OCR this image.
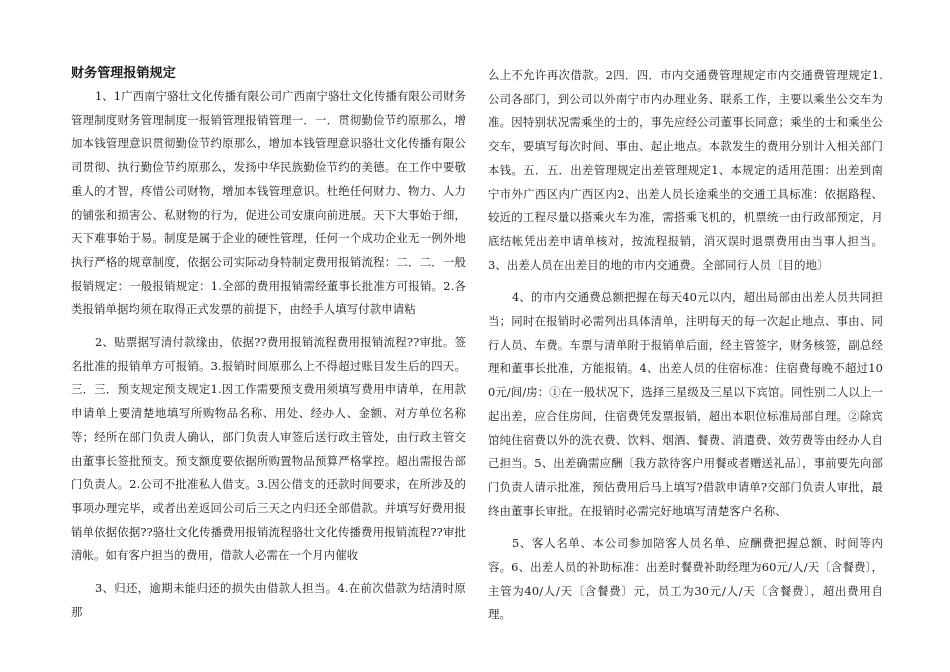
财务管理报销规定

1、1广西南宁骆壮文化传播有限公司广西南宁骆壮文化传播有限公司财务管理制度财务管理制度一报销管理报销管理一．一．贯彻勤俭节约原那么，增加本钱管理意识贯彻勤俭节约原那么，增加本钱管理意识骆壮文化传播有限公司贯彻、执行勤俭节约原那么，发扬中华民族勤俭节约的美德。在工作中要敬重人的才智，疼惜公司财物，增加本钱管理意识。杜绝任何财力、物力、人力的铺张和损害公、私财物的行为，促进公司安康向前进展。天下大事始于细，天下难事始于易。制度是属于企业的硬性管理，任何一个成功企业无一例外地执行严格的规章制度，依据公司实际动身特制定费用报销流程：二．二．一般报销规定：一般报销规定：1.全部的费用报销需经董事长批准方可报销。2.各类报销单据均须在取得正式发票的前提下，由经手人填写付款申请粘

2、贴票据写清付款缘由，依据??费用报销流程费用报销流程??审批。签名批准的报销单方可报销。3.报销时间原那么上不得超过账目发生后的四天。三．三．预支规定预支规定1.因工作需要预支费用须填写费用申请单，在用款申请单上要清楚地填写所购物品名称、用处、经办人、金额、对方单位名称等；经所在部门负责人确认，部门负责人审签后送行政主管处，由行政主管交由董事长签批预支。预支额度要依据所购置物品预算严格掌控。超出需报告部门负责人。2.公司不批准私人借支。3.因公借支的还款时间要求，在所涉及的事项办理完毕，或者出差返回公司后三天之内归还全部借款。并填写好费用报销单依据依据??骆壮文化传播费用报销流程骆壮文化传播费用报销流程??审批清帐。如有客户担当的费用，借款人必需在一个月内催收

3、归还，逾期未能归还的损失由借款人担当。4.在前次借款为结清时原那

么上不允许再次借款。2四．四．市内交通费管理规定市内交通费管理规定1.公司各部门，到公司以外南宁市内办理业务、联系工作，主要以乘坐公交车为准。因特别状况需乘坐的士的，事先应经公司董事长同意；乘坐的士和乘坐公交车，要填写每次时间、事由、起止地点。本款发生的费用分别计入相关部门本钱。五．五．出差管理规定出差管理规定1、本规定的适用范围：出差到南宁市外广西区内广西区内2、出差人员长途乘坐的交通工具标准：依据路程、较近的工程尽量以搭乘火车为准，需搭乘飞机的，机票统一由行政部预定，月底结帐凭出差申请单核对，按流程报销，消灭误时退票费用由当事人担当。3、出差人员在出差目的地的市内交通费。全部同行人员〔目的地〕

4、的市内交通费总额把握在每天40元以内，超出局部由出差人员共同担当；同时在报销时必需列出具体清单，注明每天的每一次起止地点、事由、同行人员、车费。车票与清单附于报销单后面，经主管签字，财务核签，副总经理和董事长批准，方能报销。4、出差人员的住宿标准：住宿费每晚不超过100元/间/房：①在一般状况下，选择三星级及三星以下宾馆。同性别二人以上一起出差，应合住房间，住宿费凭发票报销，超出本职位标准局部自理。②除宾馆纯住宿费以外的洗衣费、饮料、烟酒、餐费、消遣费、效劳费等由经办人自己担当。5、出差确需应酬〔我方款待客户用餐或者赠送礼品〕，事前要先向部门负责人请示批准，预估费用后马上填写?借款申请单?交部门负责人审批，最终由董事长审批。在报销时必需完好地填写清楚客户名称、

5、客人名单、本公司参加陪客人员名单、应酬费把握总额、时间等内容。6、出差人员的补助标准：出差时餐费补助经理为60元/人/天〔含餐费〕，主管为40/人/天〔含餐费〕元，员工为30元/人/天〔含餐费〕，超出费用自理。
